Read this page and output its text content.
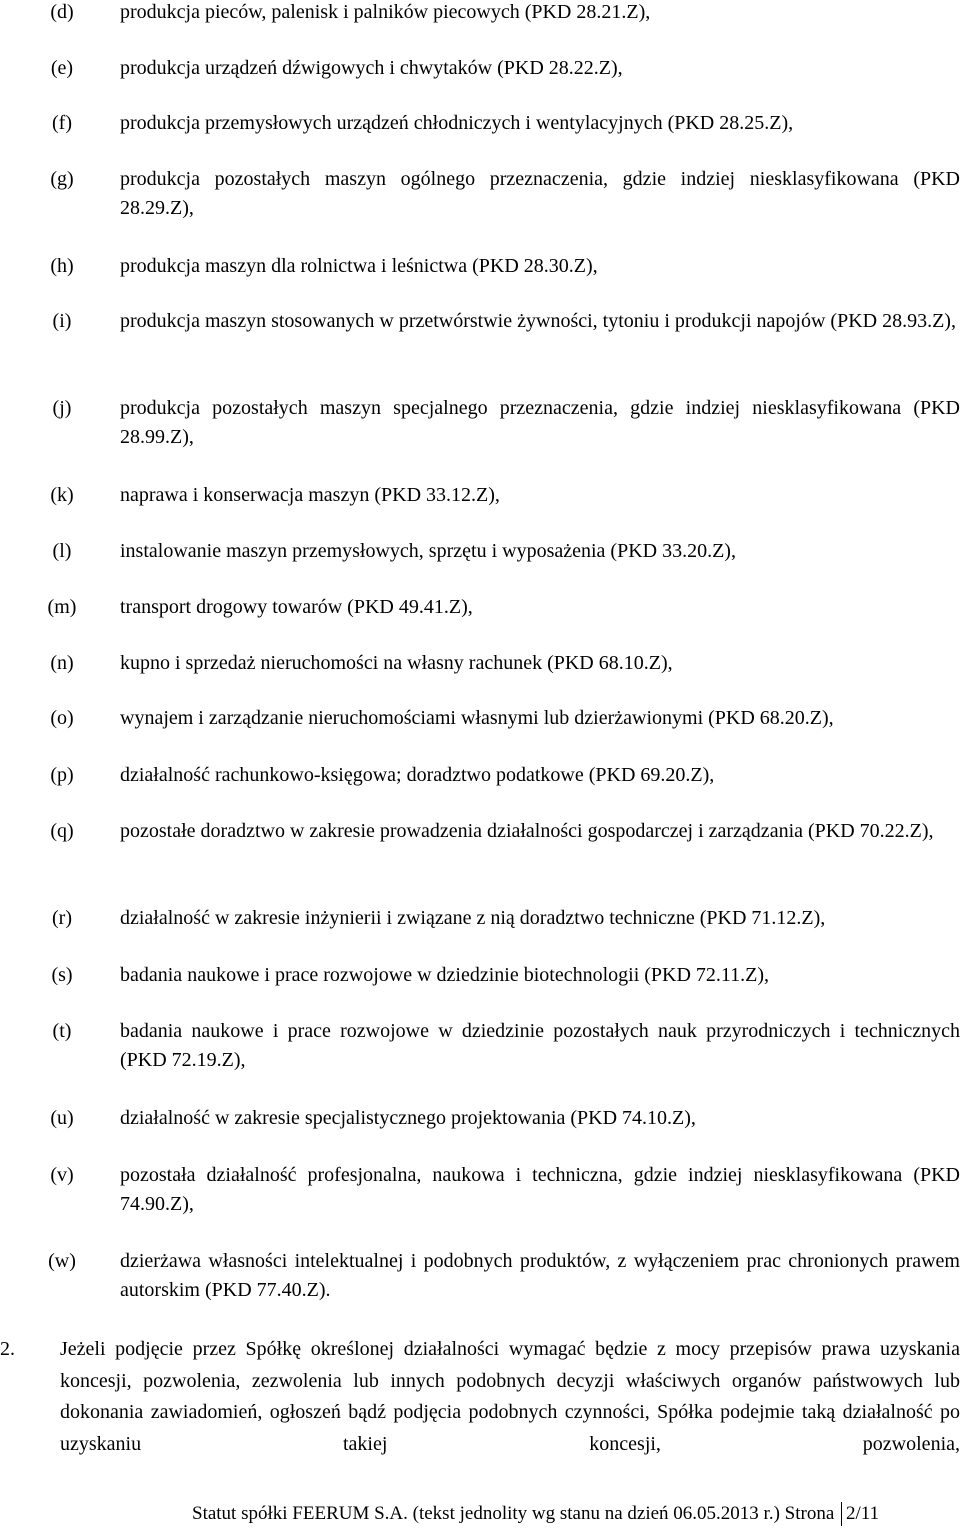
(d) produkcja pieców, palenisk i palników piecowych (PKD 28.21.Z),
(e) produkcja urządzeń dźwigowych i chwytaków (PKD 28.22.Z),
(f) produkcja przemysłowych urządzeń chłodniczych i wentylacyjnych (PKD 28.25.Z),
(g) produkcja pozostałych maszyn ogólnego przeznaczenia, gdzie indziej niesklasyfikowana (PKD 28.29.Z),
(h) produkcja maszyn dla rolnictwa i leśnictwa (PKD 28.30.Z),
(i) produkcja maszyn stosowanych w przetwórstwie żywności, tytoniu i produkcji napojów (PKD 28.93.Z),
(j) produkcja pozostałych maszyn specjalnego przeznaczenia, gdzie indziej niesklasyfikowana (PKD 28.99.Z),
(k) naprawa i konserwacja maszyn (PKD 33.12.Z),
(l) instalowanie maszyn przemysłowych, sprzętu i wyposażenia (PKD 33.20.Z),
(m) transport drogowy towarów (PKD 49.41.Z),
(n) kupno i sprzedaż nieruchomości na własny rachunek (PKD 68.10.Z),
(o) wynajem i zarządzanie nieruchomościami własnymi lub dzierżawionymi (PKD 68.20.Z),
(p) działalność rachunkowo-księgowa; doradztwo podatkowe (PKD 69.20.Z),
(q) pozostałe doradztwo w zakresie prowadzenia działalności gospodarczej i zarządzania (PKD 70.22.Z),
(r) działalność w zakresie inżynierii i związane z nią doradztwo techniczne (PKD 71.12.Z),
(s) badania naukowe i prace rozwojowe w dziedzinie biotechnologii (PKD 72.11.Z),
(t) badania naukowe i prace rozwojowe w dziedzinie pozostałych nauk przyrodniczych i technicznych (PKD 72.19.Z),
(u) działalność w zakresie specjalistycznego projektowania (PKD 74.10.Z),
(v) pozostała działalność profesjonalna, naukowa i techniczna, gdzie indziej niesklasyfikowana (PKD 74.90.Z),
(w) dzierżawa własności intelektualnej i podobnych produktów, z wyłączeniem prac chronionych prawem autorskim (PKD 77.40.Z).
2. Jeżeli podjęcie przez Spółkę określonej działalności wymagać będzie z mocy przepisów prawa uzyskania koncesji, pozwolenia, zezwolenia lub innych podobnych decyzji właściwych organów państwowych lub dokonania zawiadomień, ogłoszeń bądź podjęcia podobnych czynności, Spółka podejmie taką działalność po uzyskaniu takiej koncesji, pozwolenia,
Statut spółki FEERUM S.A. (tekst jednolity wg stanu na dzień 06.05.2013 r.) Strona 2/11
